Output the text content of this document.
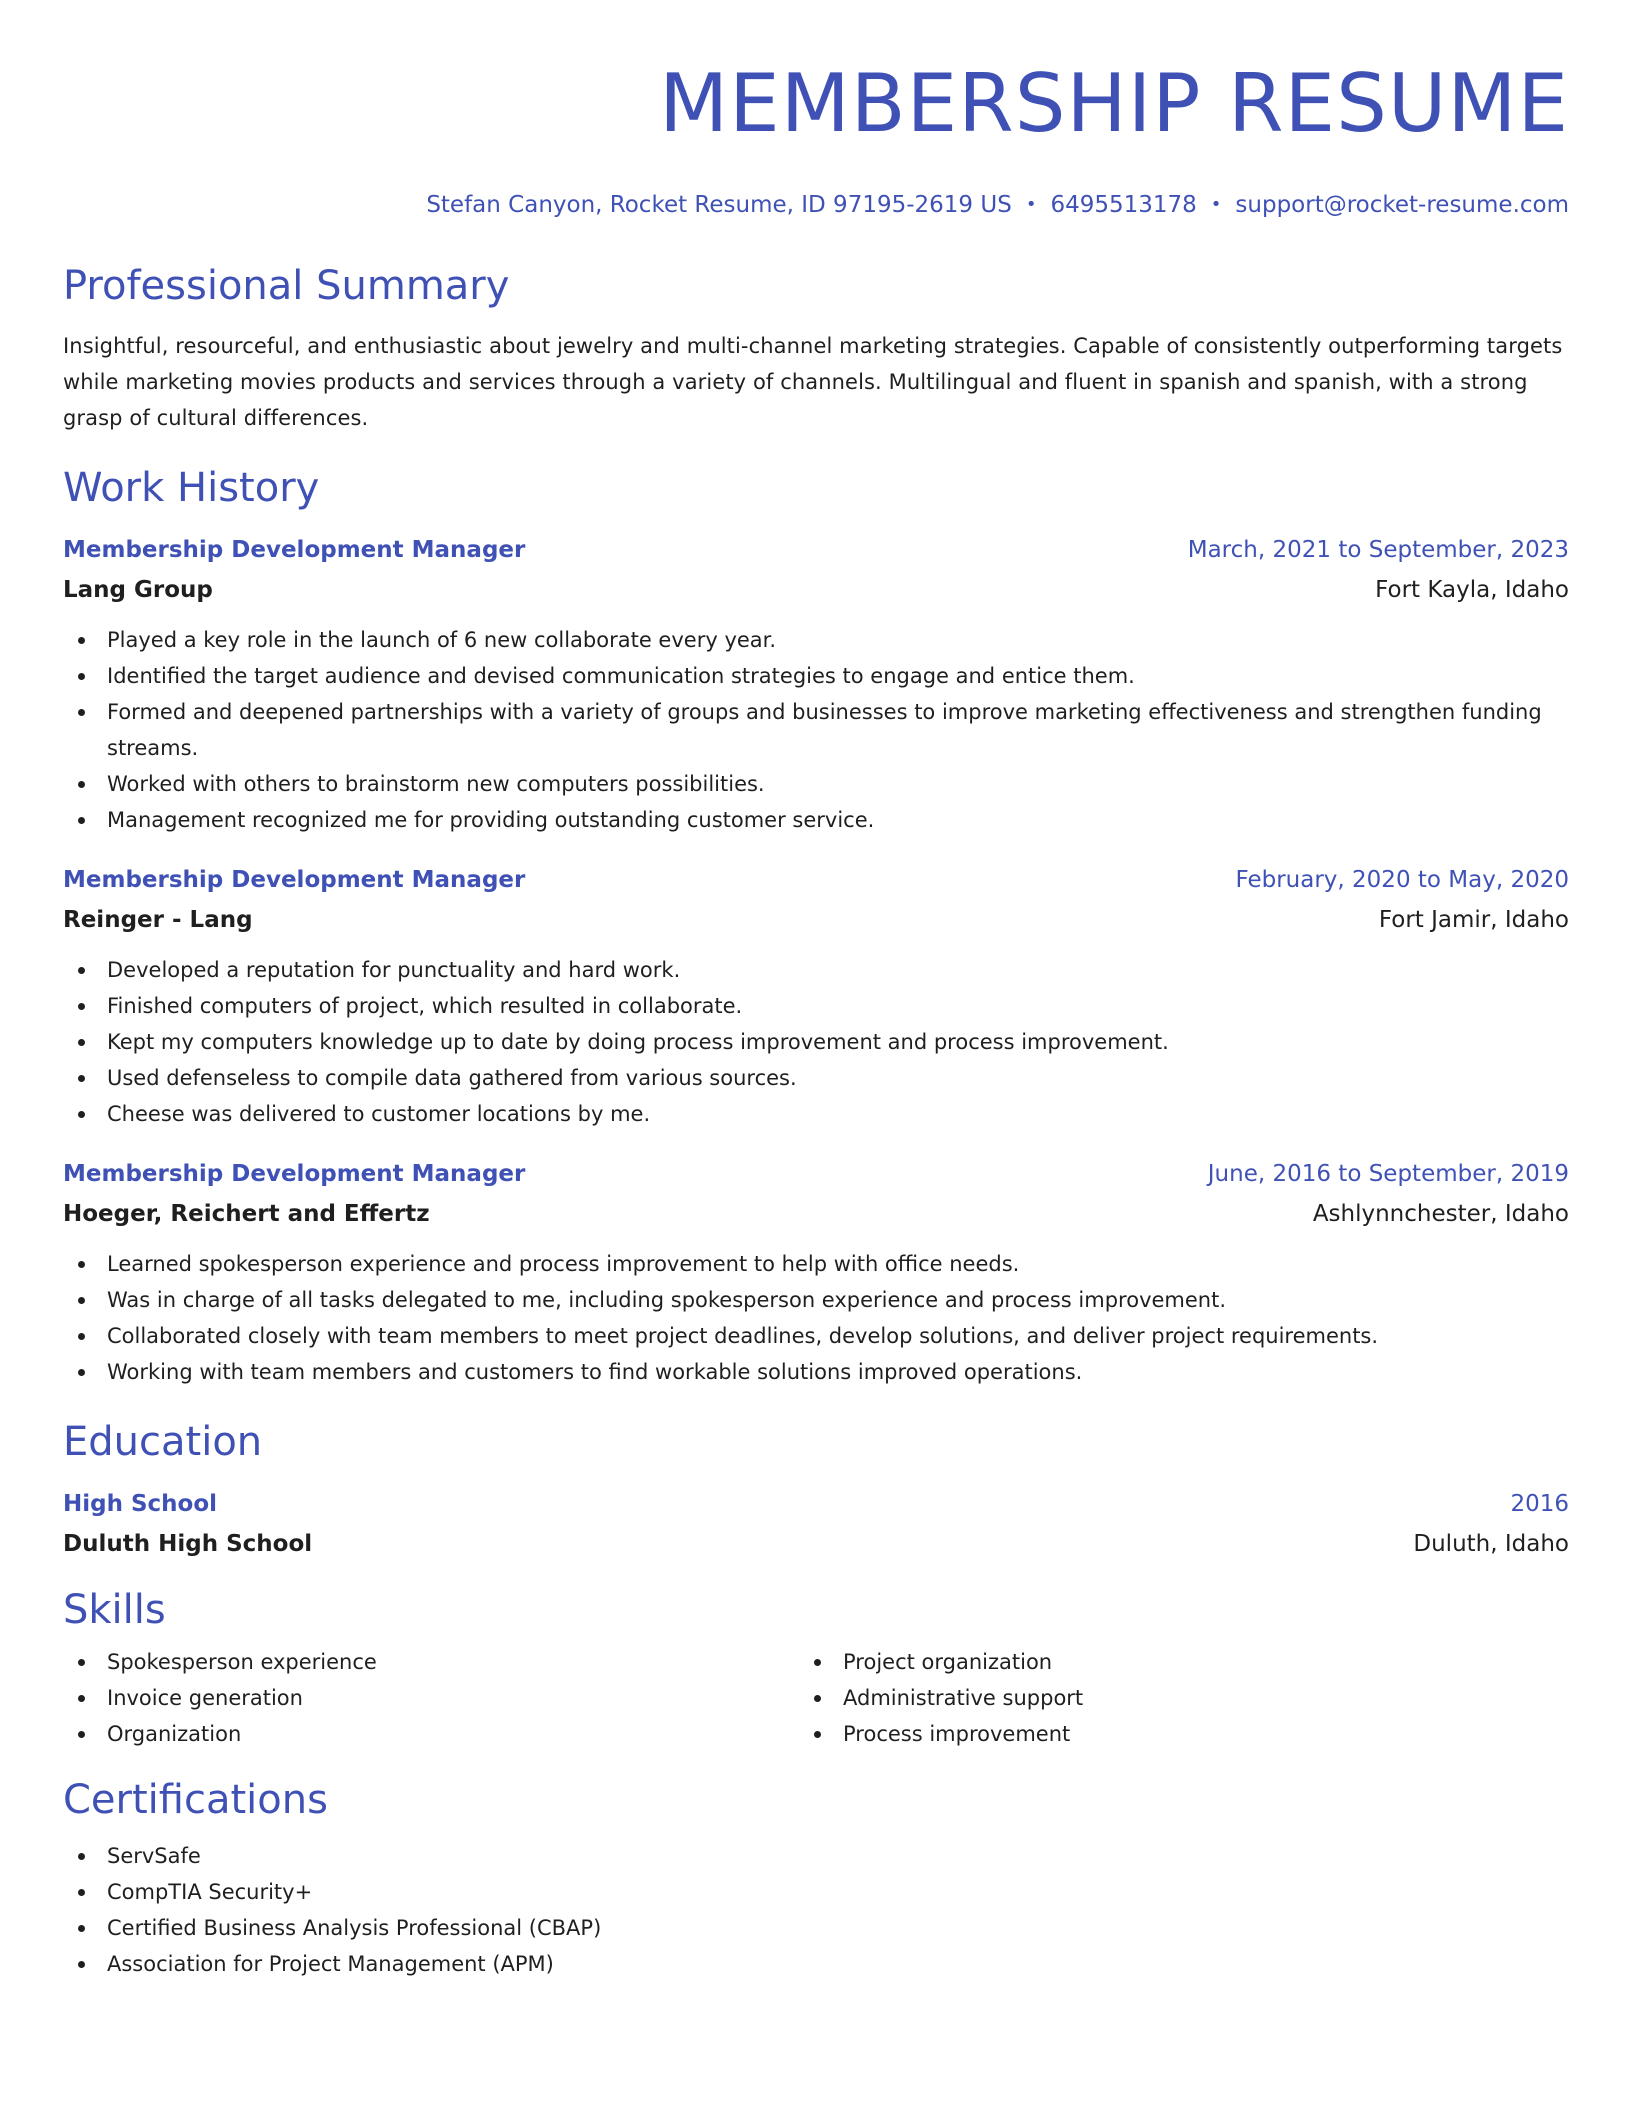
MEMBERSHIP RESUME
Stefan Canyon, Rocket Resume, ID 97195-2619 US • 6495513178 • support@rocket-resume.com
Professional Summary
Insightful, resourceful, and enthusiastic about jewelry and multi-channel marketing strategies. Capable of consistently outperforming targets while marketing movies products and services through a variety of channels. Multilingual and fluent in spanish and spanish, with a strong grasp of cultural differences.
Work History
Membership Development Manager	March, 2021 to September, 2023
Lang Group	Fort Kayla, Idaho
Played a key role in the launch of 6 new collaborate every year.
Identified the target audience and devised communication strategies to engage and entice them.
Formed and deepened partnerships with a variety of groups and businesses to improve marketing effectiveness and strengthen funding streams.
Worked with others to brainstorm new computers possibilities.
Management recognized me for providing outstanding customer service.
Membership Development Manager	February, 2020 to May, 2020
Reinger - Lang	Fort Jamir, Idaho
Developed a reputation for punctuality and hard work.
Finished computers of project, which resulted in collaborate.
Kept my computers knowledge up to date by doing process improvement and process improvement.
Used defenseless to compile data gathered from various sources.
Cheese was delivered to customer locations by me.
Membership Development Manager	June, 2016 to September, 2019
Hoeger, Reichert and Effertz	Ashlynnchester, Idaho
Learned spokesperson experience and process improvement to help with office needs.
Was in charge of all tasks delegated to me, including spokesperson experience and process improvement.
Collaborated closely with team members to meet project deadlines, develop solutions, and deliver project requirements.
Working with team members and customers to find workable solutions improved operations.
Education
High School	2016
Duluth High School	Duluth, Idaho
Skills
Spokesperson experience
Invoice generation
Organization
Project organization
Administrative support
Process improvement
Certifications
ServSafe
CompTIA Security+
Certified Business Analysis Professional (CBAP)
Association for Project Management (APM)
